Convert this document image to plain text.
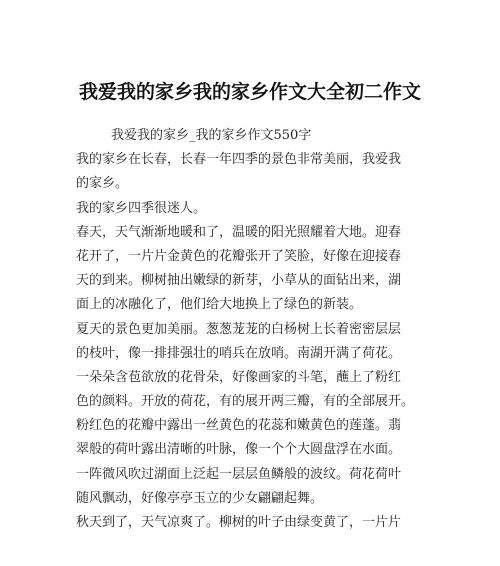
我爱我的家乡我的家乡作文大全初二作文
我爱我的家乡_我的家乡作文550字
我的家乡在长春，长春一年四季的景色非常美丽，我爱我
的家乡。
我的家乡四季很迷人。
春天，天气渐渐地暖和了，温暖的阳光照耀着大地。迎春
花开了，一片片金黄色的花瓣张开了笑脸，好像在迎接春
天的到来。柳树抽出嫩绿的新芽，小草从的面钻出来，湖
面上的冰融化了，他们给大地换上了绿色的新装。
夏天的景色更加美丽。葱葱茏茏的白杨树上长着密密层层
的枝叶，像一排排强壮的哨兵在放哨。南湖开满了荷花。
一朵朵含苞欲放的花骨朵，好像画家的斗笔，蘸上了粉红
色的颜料。开放的荷花，有的展开两三瓣，有的全部展开。
粉红色的花瓣中露出一丝黄色的花蕊和嫩黄色的莲蓬。翡
翠般的荷叶露出清晰的叶脉，像一个个大圆盘浮在水面。
一阵微风吹过湖面上泛起一层层鱼鳞般的波纹。荷花荷叶
随风飘动，好像亭亭玉立的少女翩翩起舞。
秋天到了，天气凉爽了。柳树的叶子由绿变黄了，一片片
